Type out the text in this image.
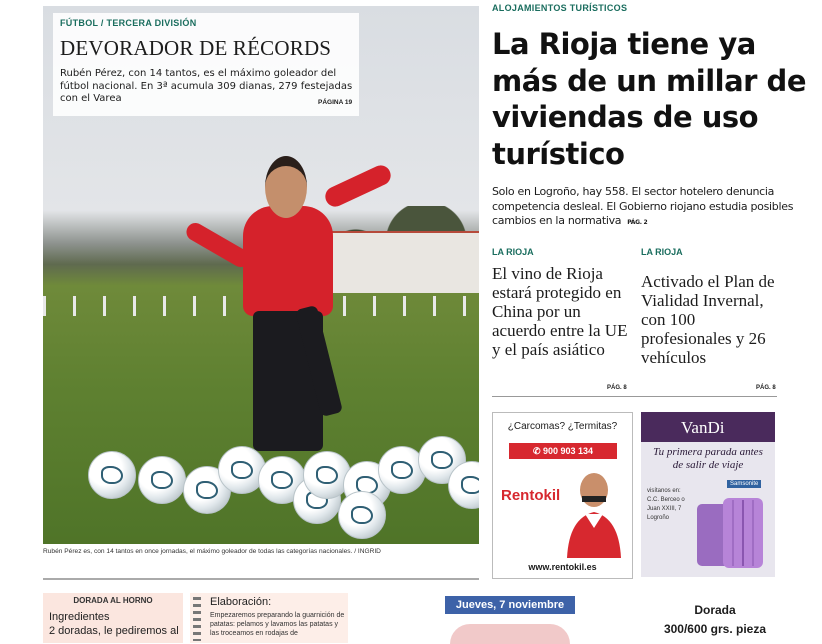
FÚTBOL / TERCERA DIVISIÓN
DEVORADOR DE RÉCORDS
Rubén Pérez, con 14 tantos, es el máximo goleador del fútbol nacional. En 3ª acumula 309 dianas, 279 festejadas con el Varea	PÁGINA 19
Rubén Pérez es, con 14 tantos en once jornadas, el máximo goleador de todas las categorías nacionales. / INGRID
ALOJAMIENTOS TURÍSTICOS
La Rioja tiene ya más de un millar de viviendas de uso turístico
Solo en Logroño, hay 558. El sector hotelero denuncia competencia desleal. El Gobierno riojano estudia posibles cambios en la normativa PÁG. 2
LA RIOJA
El vino de Rioja estará protegido en China por un acuerdo entre la UE y el país asiático
PÁG. 8
LA RIOJA
Activado el Plan de Vialidad Invernal, con 100 profesionales y 26 vehículos
PÁG. 8
¿Carcomas? ¿Termitas?
✆ 900 903 134
Rentokil
www.rentokil.es
VanDi
Tu primera parada antes de salir de viaje
Samsonite
visítanos en: C.C. Berceo o Juan XXIII, 7 Logroño
DORADA AL HORNO
Ingredientes
2 doradas, le pediremos al
Elaboración:
Empezaremos preparando la guarnición de patatas: pelamos y lavamos las patatas y las troceamos en rodajas de
Jueves, 7 noviembre	Dorada
300/600 grs. pieza
